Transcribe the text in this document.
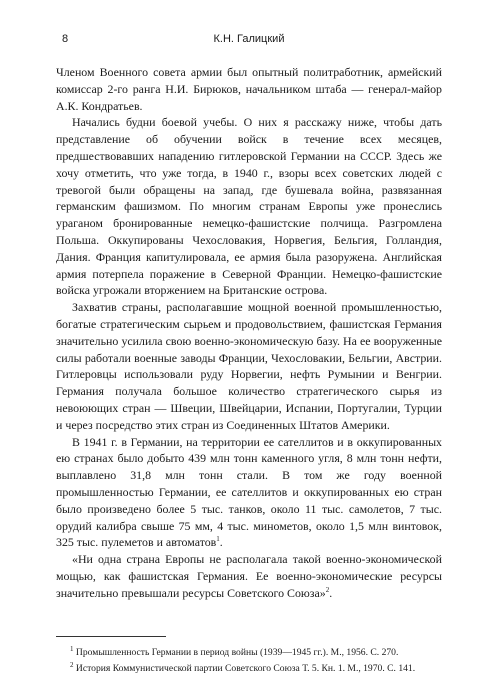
8	К.Н. Галицкий

Членом Военного совета армии был опытный политработник, армейский комиссар 2-го ранга Н.И. Бирюков, начальником штаба — генерал-майор А.К. Кондратьев.

Начались будни боевой учебы. О них я расскажу ниже, чтобы дать представление об обучении войск в течение всех месяцев, предшествовавших нападению гитлеровской Германии на СССР. Здесь же хочу отметить, что уже тогда, в 1940 г., взоры всех советских людей с тревогой были обращены на запад, где бушевала война, развязанная германским фашизмом. По многим странам Европы уже пронеслись ураганом бронированные немецко-фашистские полчища. Разгромлена Польша. Оккупированы Чехословакия, Норвегия, Бельгия, Голландия, Дания. Франция капитулировала, ее армия была разоружена. Английская армия потерпела поражение в Северной Франции. Немецко-фашистские войска угрожали вторжением на Британские острова.

Захватив страны, располагавшие мощной военной промышленностью, богатые стратегическим сырьем и продовольствием, фашистская Германия значительно усилила свою военно-экономическую базу. На ее вооруженные силы работали военные заводы Франции, Чехословакии, Бельгии, Австрии. Гитлеровцы использовали руду Норвегии, нефть Румынии и Венгрии. Германия получала большое количество стратегического сырья из невоюющих стран — Швеции, Швейцарии, Испании, Португалии, Турции и через посредство этих стран из Соединенных Штатов Америки.

В 1941 г. в Германии, на территории ее сателлитов и в оккупированных ею странах было добыто 439 млн тонн каменного угля, 8 млн тонн нефти, выплавлено 31,8 млн тонн стали. В том же году военной промышленностью Германии, ее сателлитов и оккупированных ею стран было произведено более 5 тыс. танков, около 11 тыс. самолетов, 7 тыс. орудий калибра свыше 75 мм, 4 тыс. минометов, около 1,5 млн винтовок, 325 тыс. пулеметов и автоматов$^1$.

«Ни одна страна Европы не располагала такой военно-экономической мощью, как фашистская Германия. Ее военно-экономические ресурсы значительно превышали ресурсы Советского Союза»$^2$.

$^1$ Промышленность Германии в период войны (1939—1945 гг.). М., 1956. С. 270.

$^2$ История Коммунистической партии Советского Союза Т. 5. Кн. 1. М., 1970. С. 141.
